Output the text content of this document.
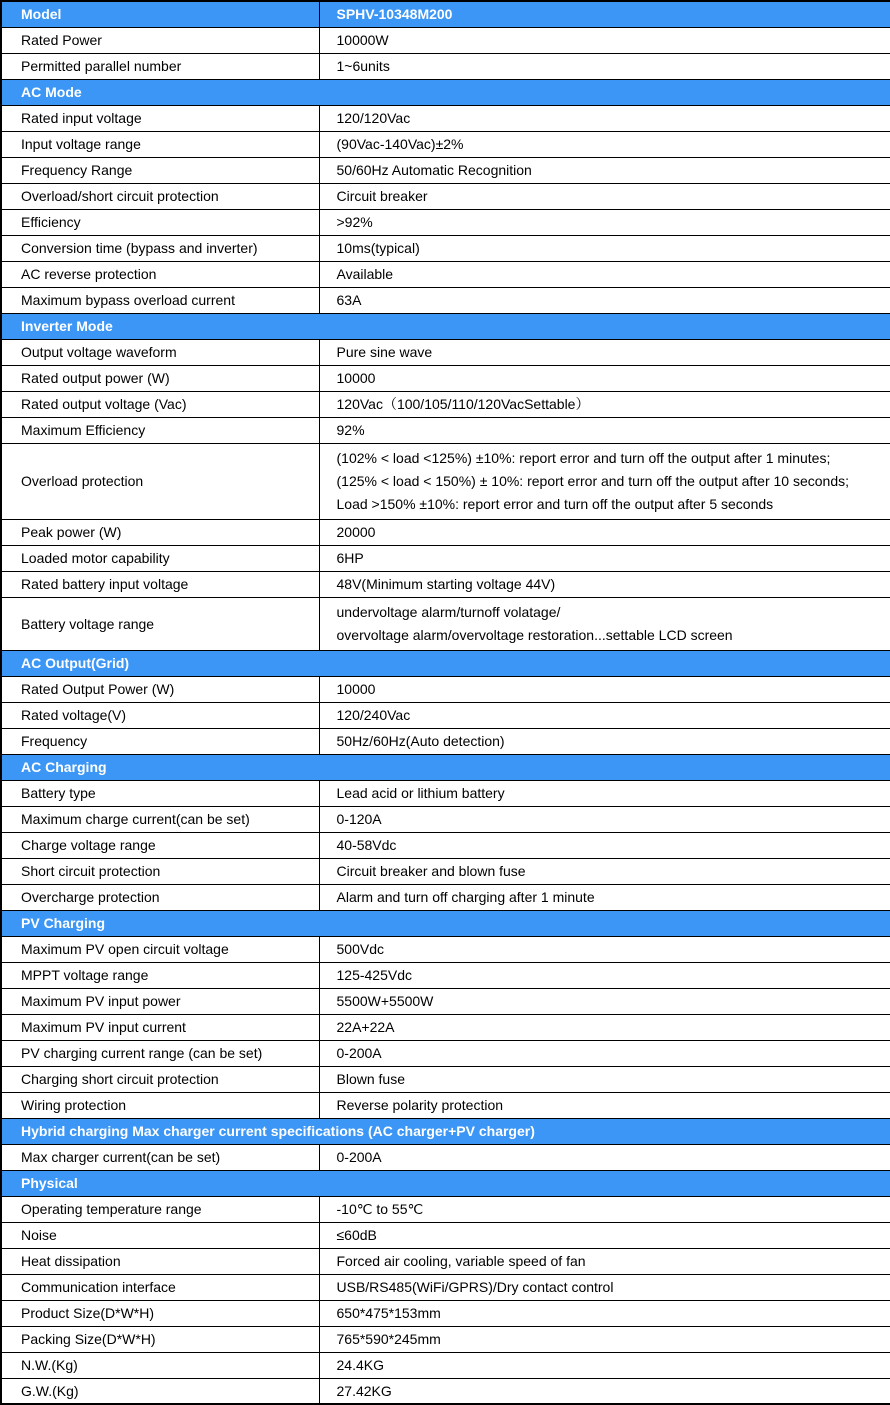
Model	SPHV-10348M200
Rated Power	10000W
Permitted parallel number	1~6units
AC Mode	
Rated input voltage	120/120Vac
Input voltage range	(90Vac-140Vac)±2%
Frequency Range	50/60Hz Automatic Recognition
Overload/short circuit protection	Circuit breaker
Efficiency	>92%
Conversion time (bypass and inverter)	10ms(typical)
AC reverse protection	Available
Maximum bypass overload current	63A
Inverter Mode	
Output voltage waveform	Pure sine wave
Rated output power (W)	10000
Rated output voltage (Vac)	120Vac（100/105/110/120VacSettable）
Maximum Efficiency	92%
Overload protection	(102% < load <125%) ±10%: report error and turn off the output after 1 minutes;
(125% < load < 150%) ± 10%: report error and turn off the output after 10 seconds;
Load >150% ±10%: report error and turn off the output after 5 seconds

Peak power (W)	20000
Loaded motor capability	6HP
Rated battery input voltage	48V(Minimum starting voltage 44V)
Battery voltage range	undervoltage alarm/turnoff volatage/
overvoltage alarm/overvoltage restoration...settable LCD screen

AC Output(Grid)	
Rated Output Power (W)	10000
Rated voltage(V)	120/240Vac
Frequency	50Hz/60Hz(Auto detection)
AC Charging	
Battery type	Lead acid or lithium battery
Maximum charge current(can be set)	0-120A
Charge voltage range	40-58Vdc
Short circuit protection	Circuit breaker and blown fuse
Overcharge protection	Alarm and turn off charging after 1 minute
PV Charging	
Maximum PV open circuit voltage	500Vdc
MPPT voltage range	125-425Vdc
Maximum PV input power	5500W+5500W
Maximum PV input current	22A+22A
PV charging current range (can be set)	0-200A
Charging short circuit protection	Blown fuse
Wiring protection	Reverse polarity protection
Hybrid charging Max charger current specifications (AC charger+PV charger)	
Max charger current(can be set)	0-200A
Physical	
Operating temperature range	-10℃ to 55℃
Noise	≤60dB
Heat dissipation	Forced air cooling, variable speed of fan
Communication interface	USB/RS485(WiFi/GPRS)/Dry contact control
Product Size(D*W*H)	650*475*153mm
Packing Size(D*W*H)	765*590*245mm
N.W.(Kg)	24.4KG
G.W.(Kg)	27.42KG
